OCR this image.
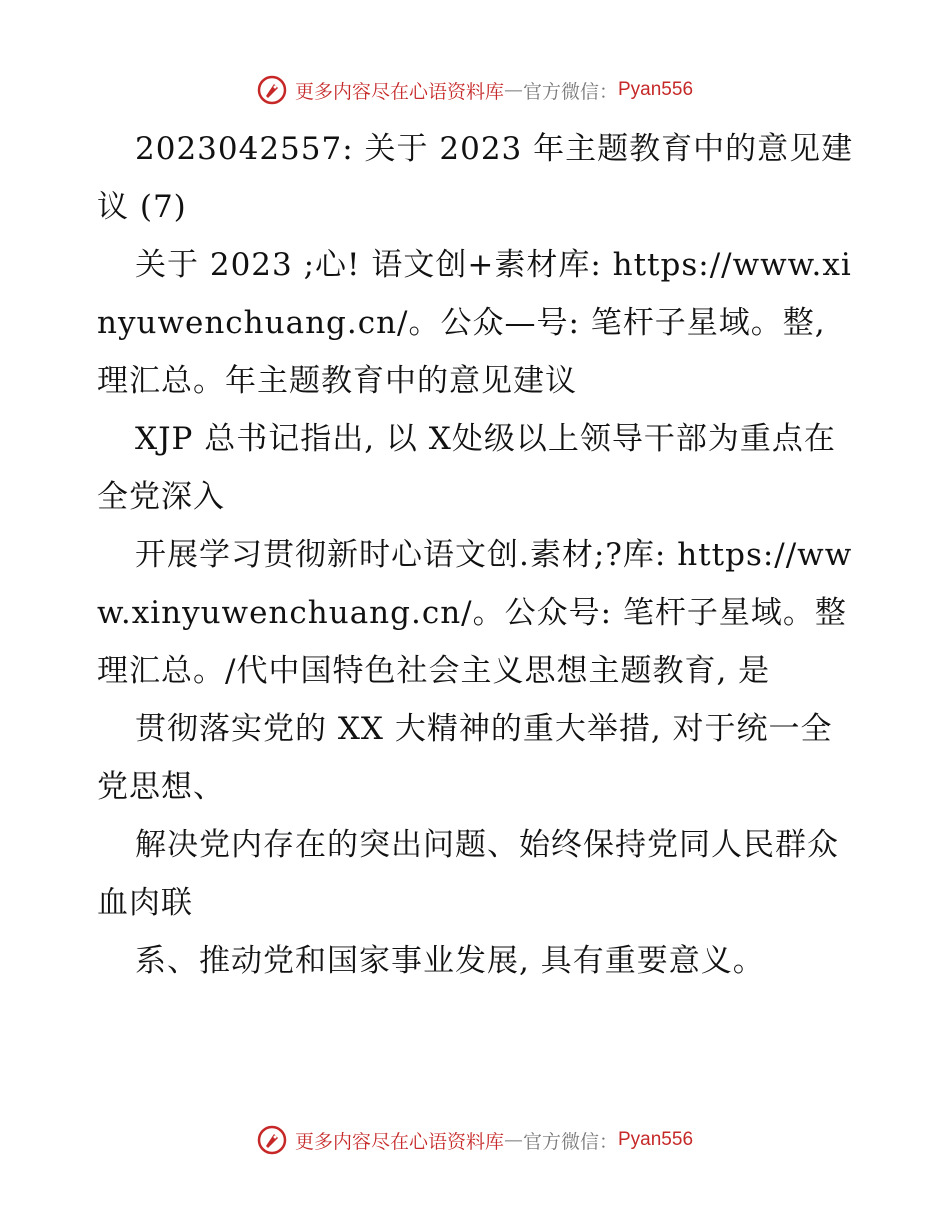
更多内容尽在心语资料库 — 官方微信： Pyan556

2023042557: 关于 2023 年主题教育中的意见建议 (7)

关于 2023 ;心! 语文创+素材库: https://www.xinyuwenchuang.cn/。公众—号: 笔杆子星域。整,理汇总。年主题教育中的意见建议

XJP 总书记指出, 以 X处级以上领导干部为重点在全党深入

开展学习贯彻新时心语文创.素材;?库: https://www.xinyuwenchuang.cn/。公众号: 笔杆子星域。整理汇总。/代中国特色社会主义思想主题教育, 是

贯彻落实党的 XX 大精神的重大举措, 对于统一全党思想、

解决党内存在的突出问题、始终保持党同人民群众血肉联

系、推动党和国家事业发展, 具有重要意义。

更多内容尽在心语资料库 — 官方微信： Pyan556
